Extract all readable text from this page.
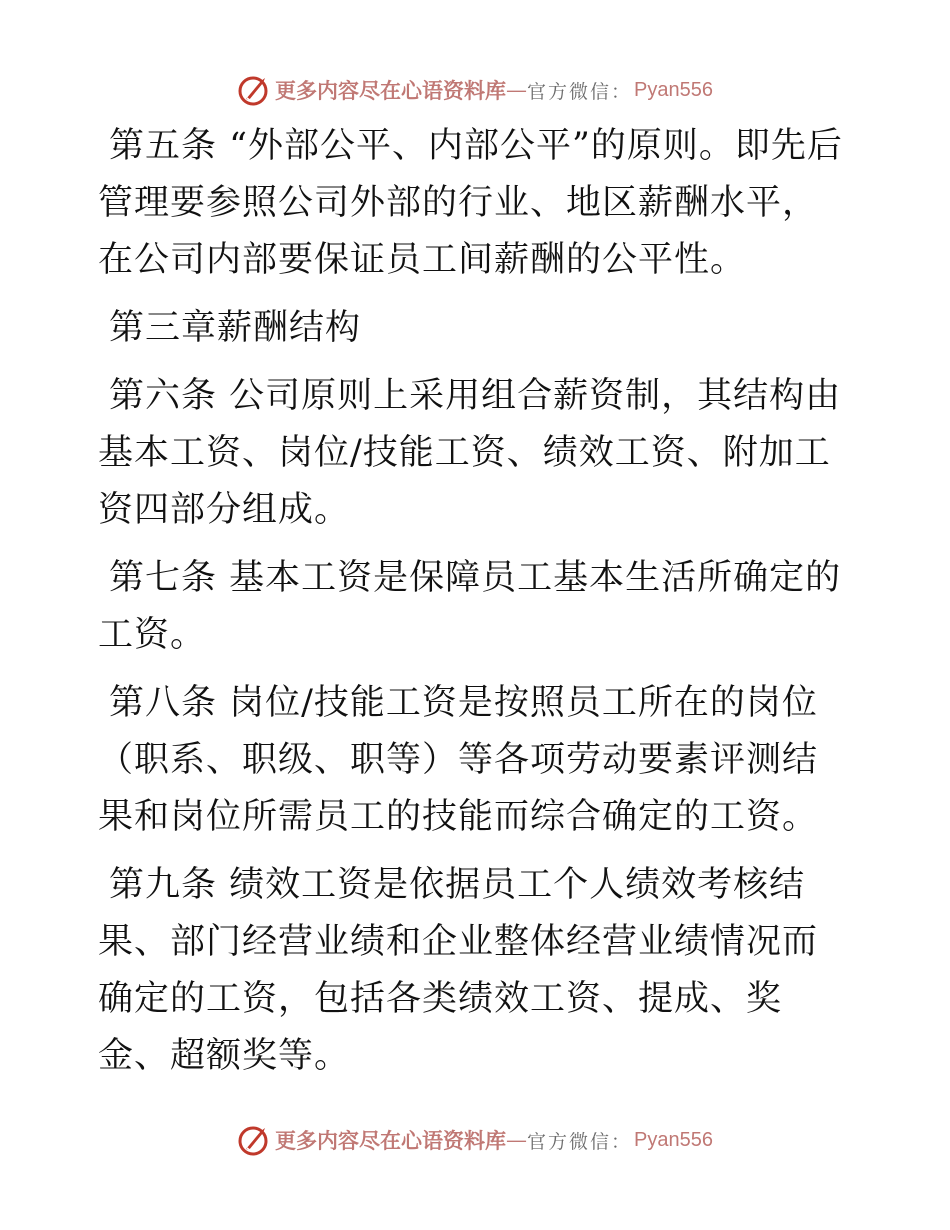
更多内容尽在心语资料库 — 官方微信 ： Pyan556

第五条 “外部公平、内部公平”的原则。即先后管理要参照公司外部的行业、地区薪酬水平，在公司内部要保证员工间薪酬的公平性。

第三章薪酬结构

第六条 公司原则上采用组合薪资制，其结构由基本工资、岗位/技能工资、绩效工资、附加工资四部分组成。

第七条 基本工资是保障员工基本生活所确定的工资。

第八条 岗位/技能工资是按照员工所在的岗位（职系、职级、职等）等各项劳动要素评测结果和岗位所需员工的技能而综合确定的工资。

第九条 绩效工资是依据员工个人绩效考核结果、部门经营业绩和企业整体经营业绩情况而确定的工资，包括各类绩效工资、提成、奖金、超额奖等。

更多内容尽在心语资料库 — 官方微信 ： Pyan556
